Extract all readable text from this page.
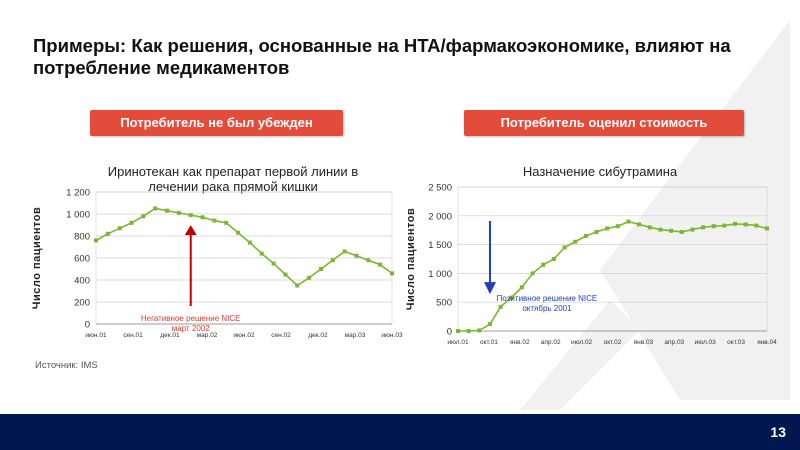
Примеры: Как решения, основанные на HTA/фармакоэкономике, влияют на потребление медикаментов
Потребитель не был убежден	Потребитель оценил стоимость
Иринотекан как препарат первой линии в
лечении рака прямой кишки
0
200
400
600
800
1 000
1 200
июн.01	сен.01	дек.01	мар.02 июн.02	сен.02	дек.02	мар.03 июн.03
Число пациентов
Негативное решение NICE
март 2002
Назначение сибутрамина
0
500
1 000
1 500
2 000
2 500
июл.01 окт.01 янв.02 апр.02 июл.02 окт.02 янв.03 апр.03 июл.03 окт.03 янв.04
Число пациентов	Позитивное решение NICE
октябрь 2001
Источник: IMS
13
